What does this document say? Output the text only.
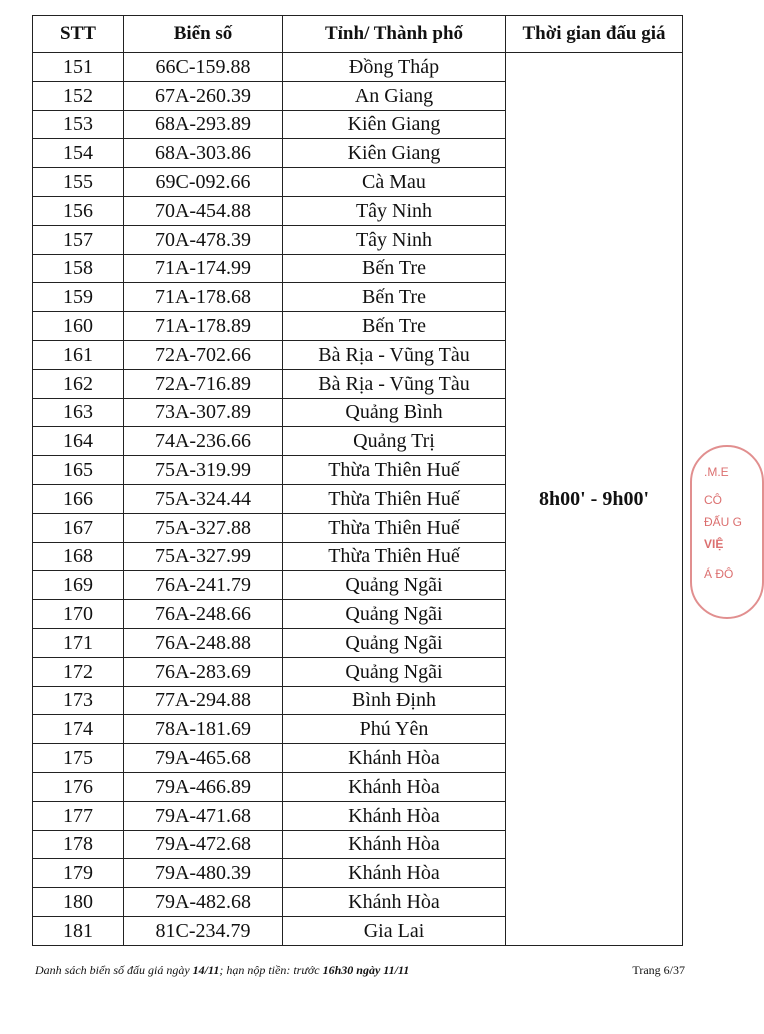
STT	Biển số	Tỉnh/ Thành phố	Thời gian đấu giá
151	66C-159.88	Đồng Tháp	8h00' - 9h00'
152	67A-260.39	An Giang	
153	68A-293.89	Kiên Giang	
154	68A-303.86	Kiên Giang	
155	69C-092.66	Cà Mau	
156	70A-454.88	Tây Ninh	
157	70A-478.39	Tây Ninh	
158	71A-174.99	Bến Tre	
159	71A-178.68	Bến Tre	
160	71A-178.89	Bến Tre	
161	72A-702.66	Bà Rịa - Vũng Tàu	
162	72A-716.89	Bà Rịa - Vũng Tàu	
163	73A-307.89	Quảng Bình	
164	74A-236.66	Quảng Trị	
165	75A-319.99	Thừa Thiên Huế	
166	75A-324.44	Thừa Thiên Huế	
167	75A-327.88	Thừa Thiên Huế	
168	75A-327.99	Thừa Thiên Huế	
169	76A-241.79	Quảng Ngãi	
170	76A-248.66	Quảng Ngãi	
171	76A-248.88	Quảng Ngãi	
172	76A-283.69	Quảng Ngãi	
173	77A-294.88	Bình Định	
174	78A-181.69	Phú Yên	
175	79A-465.68	Khánh Hòa	
176	79A-466.89	Khánh Hòa	
177	79A-471.68	Khánh Hòa	
178	79A-472.68	Khánh Hòa	
179	79A-480.39	Khánh Hòa	
180	79A-482.68	Khánh Hòa	
181	81C-234.79	Gia Lai	
Danh sách biển số đấu giá ngày 14/11; hạn nộp tiền: trước 16h30 ngày 11/11	Trang 6/37
.M.E
CÔ
ĐẤU G
VIỆ
Á ĐÔ
